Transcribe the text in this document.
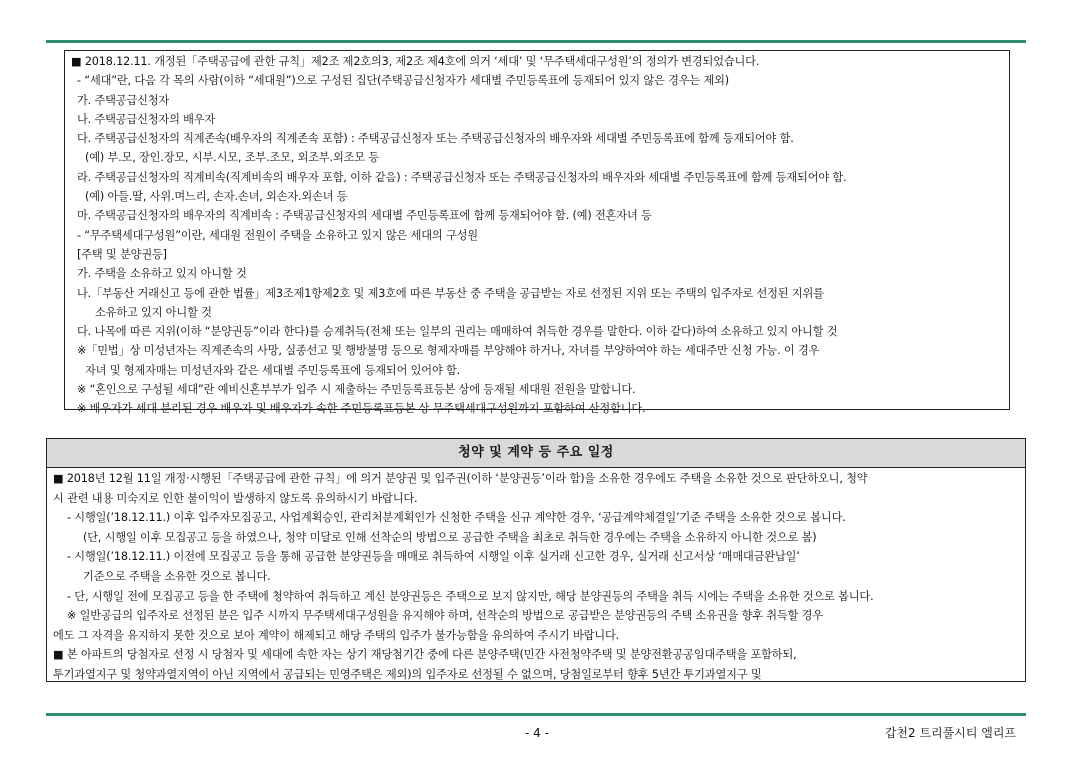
■ 2018.12.11. 개정된「주택공급에 관한 규칙」제2조 제2호의3, 제2조 제4호에 의거 ‘세대’ 및 ‘무주택세대구성원’의 정의가 변경되었습니다.
- “세대”란, 다음 각 목의 사람(이하 “세대원”)으로 구성된 집단(주택공급신청자가 세대별 주민등록표에 등재되어 있지 않은 경우는 제외)
가. 주택공급신청자
나. 주택공급신청자의 배우자
다. 주택공급신청자의 직계존속(배우자의 직계존속 포함) : 주택공급신청자 또는 주택공급신청자의 배우자와 세대별 주민등록표에 함께 등재되어야 함.
(예) 부.모, 장인.장모, 시부.시모, 조부.조모, 외조부.외조모 등
라. 주택공급신청자의 직계비속(직계비속의 배우자 포함, 이하 같음) : 주택공급신청자 또는 주택공급신청자의 배우자와 세대별 주민등록표에 함께 등재되어야 함.
(예) 아들.딸, 사위.며느리, 손자.손녀, 외손자.외손녀 등
마. 주택공급신청자의 배우자의 직계비속 : 주택공급신청자의 세대별 주민등록표에 함께 등재되어야 함. (예) 전혼자녀 등
- “무주택세대구성원”이란, 세대원 전원이 주택을 소유하고 있지 않은 세대의 구성원
[주택 및 분양권등]
가. 주택을 소유하고 있지 아니할 것
나.「부동산 거래신고 등에 관한 법률」제3조제1항제2호 및 제3호에 따른 부동산 중 주택을 공급받는 자로 선정된 지위 또는 주택의 입주자로 선정된 지위를
소유하고 있지 아니할 것
다. 나목에 따른 지위(이하 “분양권등”이라 한다)를 승계취득(전체 또는 일부의 권리는 매매하여 취득한 경우를 말한다. 이하 같다)하여 소유하고 있지 아니할 것
※「민법」상 미성년자는 직계존속의 사망, 실종선고 및 행방불명 등으로 형제자매를 부양해야 하거나, 자녀를 부양하여야 하는 세대주만 신청 가능. 이 경우
자녀 및 형제자매는 미성년자와 같은 세대별 주민등록표에 등재되어 있어야 함.
※ “혼인으로 구성될 세대”란 예비신혼부부가 입주 시 제출하는 주민등록표등본 상에 등재될 세대원 전원을 말합니다.
※ 배우자가 세대 분리된 경우 배우자 및 배우자가 속한 주민등록표등본 상 무주택세대구성원까지 포함하여 산정합니다.
청약 및 계약 등 주요 일정
■ 2018년 12월 11일 개정·시행된「주택공급에 관한 규칙」에 의거 분양권 및 입주권(이하 ‘분양권등’이라 함)을 소유한 경우에도 주택을 소유한 것으로 판단하오니, 청약
시 관련 내용 미숙지로 인한 불이익이 발생하지 않도록 유의하시기 바랍니다.
- 시행일(’18.12.11.) 이후 입주자모집공고, 사업계획승인, 관리처분계획인가 신청한 주택을 신규 계약한 경우, ‘공급계약체결일’기준 주택을 소유한 것으로 봅니다.
(단, 시행일 이후 모집공고 등을 하였으나, 청약 미달로 인해 선착순의 방법으로 공급한 주택을 최초로 취득한 경우에는 주택을 소유하지 아니한 것으로 봄)
- 시행일(’18.12.11.) 이전에 모집공고 등을 통해 공급한 분양권등을 매매로 취득하여 시행일 이후 실거래 신고한 경우, 실거래 신고서상 ‘매매대금완납일’
기준으로 주택을 소유한 것으로 봅니다.
- 단, 시행일 전에 모집공고 등을 한 주택에 청약하여 취득하고 계신 분양권등은 주택으로 보지 않지만, 해당 분양권등의 주택을 취득 시에는 주택을 소유한 것으로 봅니다.
※ 일반공급의 입주자로 선정된 분은 입주 시까지 무주택세대구성원을 유지해야 하며, 선착순의 방법으로 공급받은 분양권등의 주택 소유권을 향후 취득할 경우
에도 그 자격을 유지하지 못한 것으로 보아 계약이 해제되고 해당 주택의 입주가 불가능함을 유의하여 주시기 바랍니다.
■ 본 아파트의 당첨자로 선정 시 당첨자 및 세대에 속한 자는 상기 재당첨기간 중에 다른 분양주택(민간 사전청약주택 및 분양전환공공임대주택을 포함하되,
투기과열지구 및 청약과열지역이 아닌 지역에서 공급되는 민영주택은 제외)의 입주자로 선정될 수 없으며, 당첨일로부터 향후 5년간 투기과열지구 및
- 4 -	갑천2 트리풀시티 엘리프
